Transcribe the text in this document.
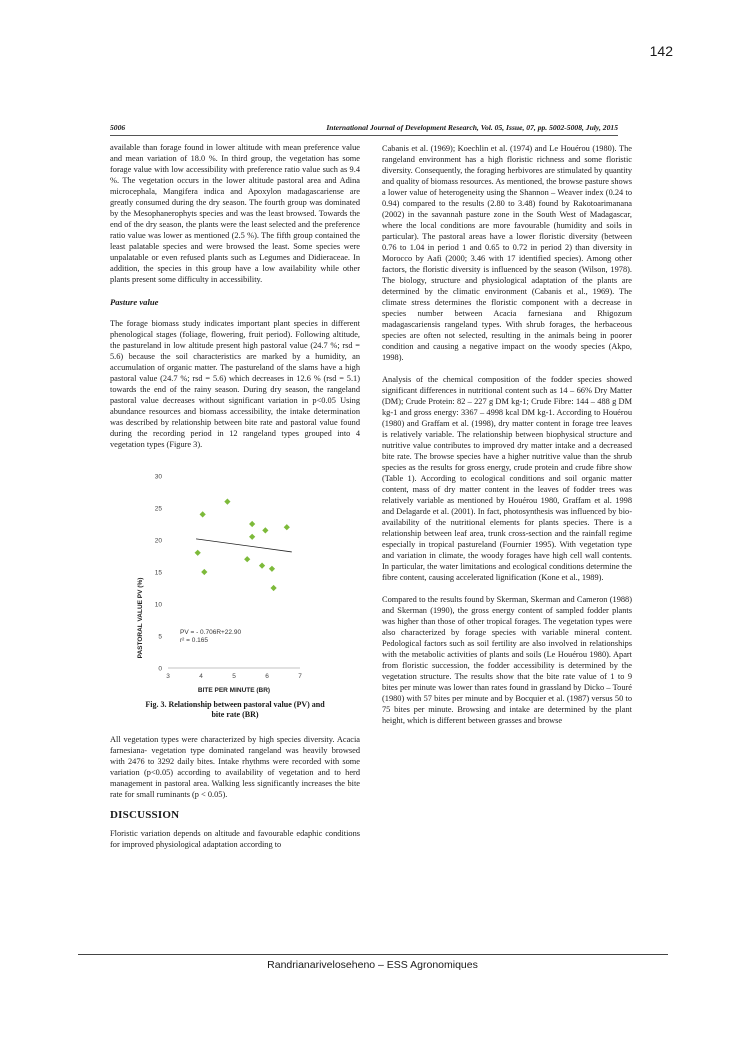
142
5006	International Journal of Development Research, Vol. 05, Issue, 07, pp. 5002-5008, July, 2015

available than forage found in lower altitude with mean preference value and mean variation of 18.0 %. In third group, the vegetation has some forage value with low accessibility with preference ratio value such as 9.4 %. The vegetation occurs in the lower altitude pastoral area and Adina microcephala, Mangifera indica and Apoxylon madagascariense are greatly consumed during the dry season. The fourth group was dominated by the Mesophanerophyts species and was the least browsed. Towards the end of the dry season, the plants were the least selected and the preference ratio value was lower as mentioned (2.5 %). The fifth group contained the least palatable species and were browsed the least. Some species were unpalatable or even refused plants such as Legumes and Didieraceae. In addition, the species in this group have a low availability while other plants present some difficulty in accessibility.

Pasture value

The forage biomass study indicates important plant species in different phenological stages (foliage, flowering, fruit period). Following altitude, the pastureland in low altitude present high pastoral value (24.7 %; rsd = 5.6) because the soil characteristics are marked by a humidity, an accumulation of organic matter. The pastureland of the slams have a high pastoral value (24.7 %; rsd = 5.6) which decreases in 12.6 % (rsd = 5.1) towards the end of the rainy season. During dry season, the rangeland pastoral value decreases without significant variation in p<0.05 Using abundance resources and biomass accessibility, the intake determination was described by relationship between bite rate and pastoral value found during the recording period in 12 rangeland types grouped into 4 vegetation types (Figure 3).

PASTORAL VALUE PV (%)
BITE PER MINUTE (BR)
PV = - 0.706R+22.90
r² = 0.165
0
5
10
15
20
25
30
3	4	5	6	7
Fig. 3. Relationship between pastoral value (PV) and
bite rate (BR)

All vegetation types were characterized by high species diversity. Acacia farnesiana- vegetation type dominated rangeland was heavily browsed with 2476 to 3292 daily bites. Intake rhythms were recorded with some variation (p<0.05) according to availability of vegetation and to herd management in pastoral area. Walking less significantly increases the bite rate for small ruminants (p < 0.05).

DISCUSSION

Floristic variation depends on altitude and favourable edaphic conditions for improved physiological adaptation according to

Cabanis et al. (1969); Koechlin et al. (1974) and Le Houérou (1980). The rangeland environment has a high floristic richness and some floristic diversity. Consequently, the foraging herbivores are stimulated by quantity and quality of biomass resources. As mentioned, the browse pasture shows a lower value of heterogeneity using the Shannon – Weaver index (0.24 to 0.94) compared to the results (2.80 to 3.48) found by Rakotoarimanana (2002) in the savannah pasture zone in the South West of Madagascar, where the local conditions are more favourable (humidity and soils in particular). The pastoral areas have a lower floristic diversity (between 0.76 to 1.04 in period 1 and 0.65 to 0.72 in period 2) than diversity in Morocco by Aafi (2000; 3.46 with 17 identified species). Among other factors, the floristic diversity is influenced by the season (Wilson, 1978). The biology, structure and physiological adaptation of the plants are determined by the climatic environment (Cabanis et al., 1969). The climate stress determines the floristic component with a decrease in species number between Acacia farnesiana and Rhigozum madagascariensis rangeland types. With shrub forages, the herbaceous species are often not selected, resulting in the animals being in poorer condition and causing a negative impact on the woody species (Akpo, 1998).

Analysis of the chemical composition of the fodder species showed significant differences in nutritional content such as 14 – 66% Dry Matter (DM); Crude Protein: 82 – 227 g DM kg-1; Crude Fibre: 144 – 488 g DM kg-1 and gross energy: 3367 – 4998 kcal DM kg-1. According to Houérou (1980) and Graffam et al. (1998), dry matter content in forage tree leaves is relatively variable. The relationship between biophysical structure and nutritive value contributes to improved dry matter intake and a decreased bite rate. The browse species have a higher nutritive value than the shrub species as the results for gross energy, crude protein and crude fibre show (Table 1). According to ecological conditions and soil organic matter content, mass of dry matter content in the leaves of fodder trees was relatively variable as mentioned by Houérou 1980, Graffam et al. 1998 and Delagarde et al. (2001). In fact, photosynthesis was influenced by bio-availability of the nutritional elements for plants species. There is a relationship between leaf area, trunk cross-section and the rainfall regime especially in tropical pastureland (Fournier 1995). With vegetation type and variation in climate, the woody forages have high cell wall contents. In particular, the water limitations and ecological conditions determine the fibre content, causing accelerated lignification (Kone et al., 1989).

Compared to the results found by Skerman, Skerman and Cameron (1988) and Skerman (1990), the gross energy content of sampled fodder plants was higher than those of other tropical forages. The vegetation types were also characterized by forage species with variable mineral content. Pedological factors such as soil fertility are also involved in relationships with the metabolic activities of plants and soils (Le Houérou 1980). Apart from floristic succession, the fodder accessibility is determined by the vegetation structure. The results show that the bite rate value of 1 to 9 bites per minute was lower than rates found in grassland by Dicko – Touré (1980) with 57 bites per minute and by Bocquier et al. (1987) versus 50 to 75 bites per minute. Browsing and intake are determined by the plant height, which is different between grasses and browse

Randrianariveloseheno – ESS Agronomiques
